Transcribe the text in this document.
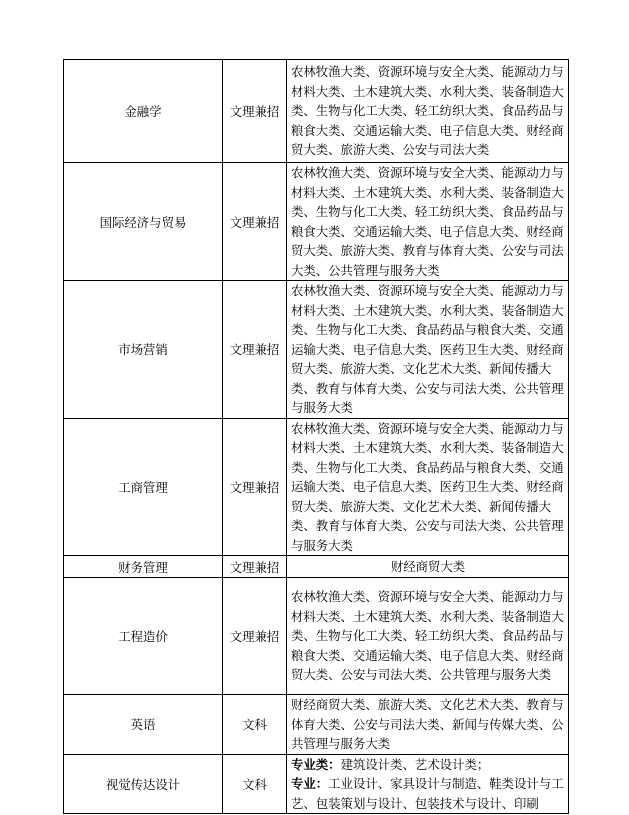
金融学	文理兼招	农林牧渔大类、资源环境与安全大类、能源动力与材料大类、土木建筑大类、水利大类、装备制造大类、生物与化工大类、轻工纺织大类、食品药品与粮食大类、交通运输大类、电子信息大类、财经商贸大类、旅游大类、公安与司法大类
国际经济与贸易	文理兼招	农林牧渔大类、资源环境与安全大类、能源动力与材料大类、土木建筑大类、水利大类、装备制造大类、生物与化工大类、轻工纺织大类、食品药品与粮食大类、交通运输大类、电子信息大类、财经商贸大类、旅游大类、教育与体育大类、公安与司法大类、公共管理与服务大类
市场营销	文理兼招	农林牧渔大类、资源环境与安全大类、能源动力与材料大类、土木建筑大类、水利大类、装备制造大类、生物与化工大类、食品药品与粮食大类、交通运输大类、电子信息大类、医药卫生大类、财经商贸大类、旅游大类、文化艺术大类、新闻传播大类、教育与体育大类、公安与司法大类、公共管理与服务大类
工商管理	文理兼招	农林牧渔大类、资源环境与安全大类、能源动力与材料大类、土木建筑大类、水利大类、装备制造大类、生物与化工大类、食品药品与粮食大类、交通运输大类、电子信息大类、医药卫生大类、财经商贸大类、旅游大类、文化艺术大类、新闻传播大类、教育与体育大类、公安与司法大类、公共管理与服务大类
财务管理	文理兼招	财经商贸大类
工程造价	文理兼招	农林牧渔大类、资源环境与安全大类、能源动力与材料大类、土木建筑大类、水利大类、装备制造大类、生物与化工大类、轻工纺织大类、食品药品与粮食大类、交通运输大类、电子信息大类、财经商贸大类、公安与司法大类、公共管理与服务大类
英语	文科	财经商贸大类、旅游大类、文化艺术大类、教育与体育大类、公安与司法大类、新闻与传媒大类、公共管理与服务大类
视觉传达设计	文科	专业类：建筑设计类、艺术设计类；
专业：工业设计、家具设计与制造、鞋类设计与工艺、包装策划与设计、包装技术与设计、印刷
